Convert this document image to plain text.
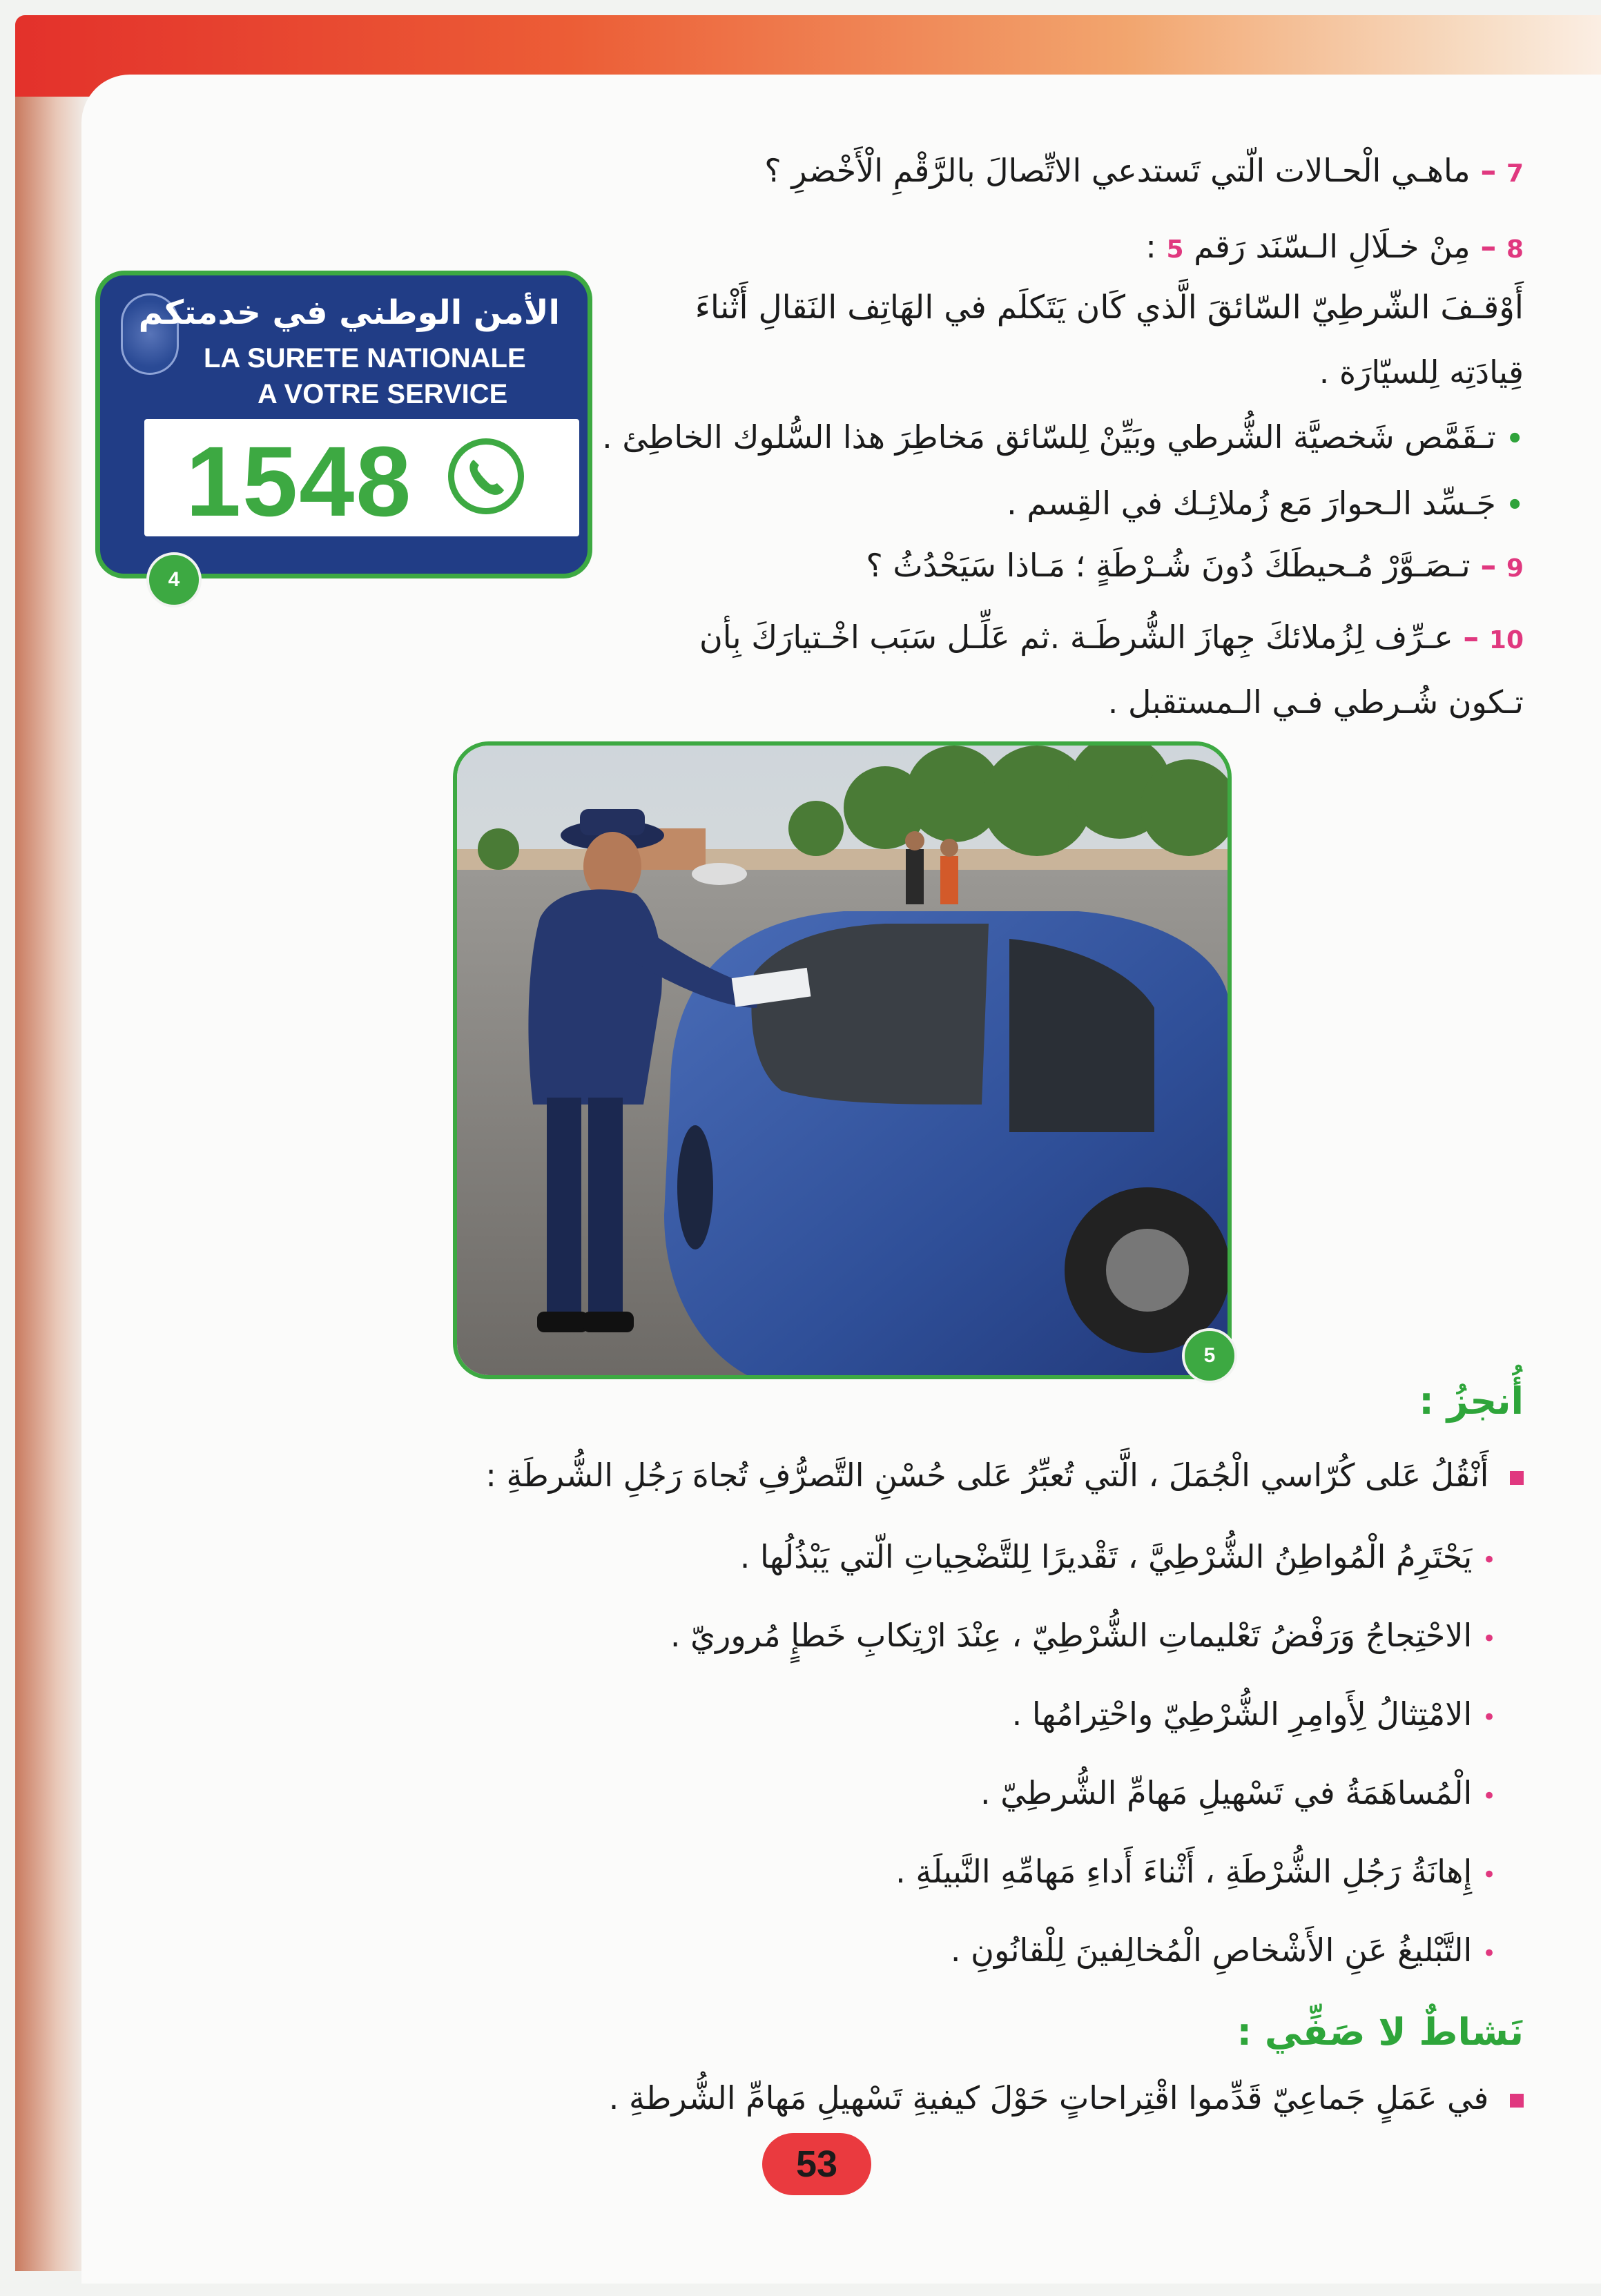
7 – ماهـي الْحـالات الّتي تَستدعي الاتِّصالَ بالرَّقْمِ الْأَخْضرِ ؟
8 – مِنْ خـلَالِ الـسّنَد رَقم 5 :
أَوْقـفَ الشّرطِيّ السّائقَ الَّذي كَان يَتَكلَم في الهَاتِف النَقالِ أَثْناءَ
قِيادَتِه لِلسيّارَة .
• تـقَمَّص شَخصيَّة الشُّرطي وبَيِّنْ لِلسّائق مَخاطِرَ هذا السُّلوك الخاطِئ .
• جَـسِّد الـحوارَ مَع زُملائِـك في القِسم .
9 – تـصَـوَّرْ مُـحيطَكَ دُونَ شُـرْطَةٍ ؛ مَـاذا سَيَحْدُثُ ؟
10 – عـرِّف لِزُملائكَ جِهازَ الشُّرطَـة .ثم عَلِّـل سَبَب اخْـتيارَكَ بِأن
تـكون شُـرطي فـي الـمستقبل .
الأمن الوطني في خدمتكم
LA SURETE NATIONALE
A VOTRE SERVICE
1548
4
5
أُنجزُ :
أَنْقُلُ عَلى كُرّاسي الْجُمَلَ ، الَّتي تُعبِّرُ عَلى حُسْنِ التَّصرُّفِ تُجاهَ رَجُلِ الشُّرطَةِ :
• يَحْتَرِمُ الْمُواطِنُ الشُّرْطِيَّ ، تَقْديرًا لِلتَّضْحِياتِ الّتي يَبْذُلُها .
• الاحْتِجاجُ وَرَفْضُ تَعْليماتِ الشُّرْطِيّ ، عِنْدَ ارْتِكابِ خَطإٍ مُروريّ .
• الامْتِثالُ لِأَوامِرِ الشُّرْطِيّ واحْتِرامُها .
• الْمُساهَمَةُ في تَسْهيلِ مَهامِّ الشُّرطِيّ .
• إِهانَةُ رَجُلِ الشُّرْطَةِ ، أَثْناءَ أَداءِ مَهامِّهِ النَّبيلَةِ .
• التَّبْليغُ عَنِ الأَشْخاصِ الْمُخالِفينَ لِلْقانُونِ .
نَشاطٌ لا صَفِّي :
في عَمَلٍ جَماعِيّ قَدِّموا اقْتِراحاتٍ حَوْلَ كيفيةِ تَسْهيلِ مَهامِّ الشُّرطةِ .
53
